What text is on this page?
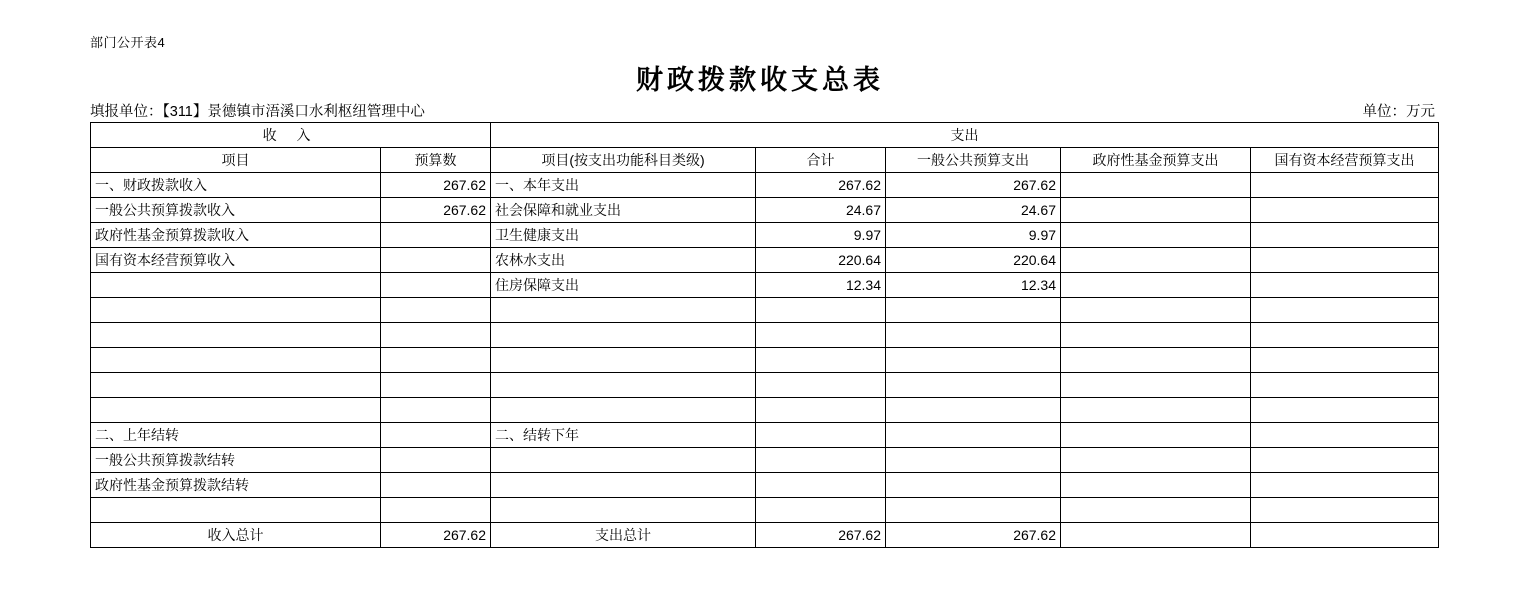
部门公开表4
财政拨款收支总表
填报单位：【311】景德镇市浯溪口水利枢纽管理中心	单位：万元
收 入		支出				
项目	预算数	项目(按支出功能科目类级)	合计	一般公共预算支出	政府性基金预算支出	国有资本经营预算支出
一、财政拨款收入	267.62	一、本年支出	267.62	267.62		
一般公共预算拨款收入	267.62	社会保障和就业支出	24.67	24.67		
政府性基金预算拨款收入		卫生健康支出	9.97	9.97		
国有资本经营预算收入		农林水支出	220.64	220.64		
		住房保障支出	12.34	12.34		

二、上年结转		二、结转下年				
一般公共预算拨款结转						
政府性基金预算拨款结转						

收入总计	267.62	支出总计	267.62	267.62		
